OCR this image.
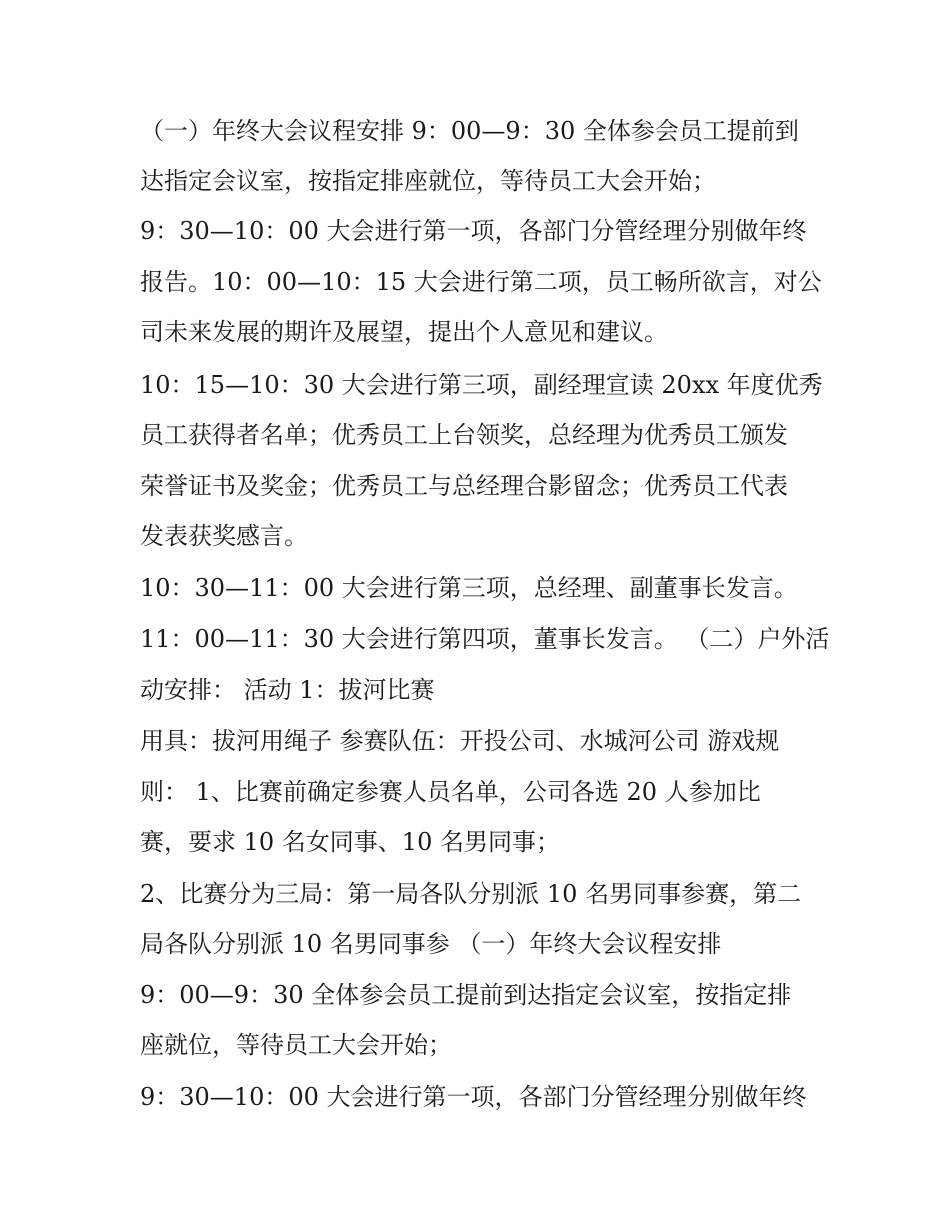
（一）年终大会议程安排 9：00—9：30 全体参会员工提前到

达指定会议室，按指定排座就位，等待员工大会开始；

9：30—10：00 大会进行第一项，各部门分管经理分别做年终

报告。10：00—10：15 大会进行第二项，员工畅所欲言，对公

司未来发展的期许及展望，提出个人意见和建议。

10：15—10：30 大会进行第三项，副经理宣读 20xx 年度优秀

员工获得者名单；优秀员工上台领奖，总经理为优秀员工颁发

荣誉证书及奖金；优秀员工与总经理合影留念；优秀员工代表

发表获奖感言。

10：30—11：00 大会进行第三项，总经理、副董事长发言。

11：00—11：30 大会进行第四项，董事长发言。 （二）户外活

动安排： 活动 1：拔河比赛

用具：拔河用绳子 参赛队伍：开投公司、水城河公司 游戏规

则： 1、比赛前确定参赛人员名单，公司各选 20 人参加比

赛，要求 10 名女同事、10 名男同事；

2、比赛分为三局：第一局各队分别派 10 名男同事参赛，第二

局各队分别派 10 名男同事参 （一）年终大会议程安排

9：00—9：30 全体参会员工提前到达指定会议室，按指定排

座就位，等待员工大会开始；

9：30—10：00 大会进行第一项，各部门分管经理分别做年终
